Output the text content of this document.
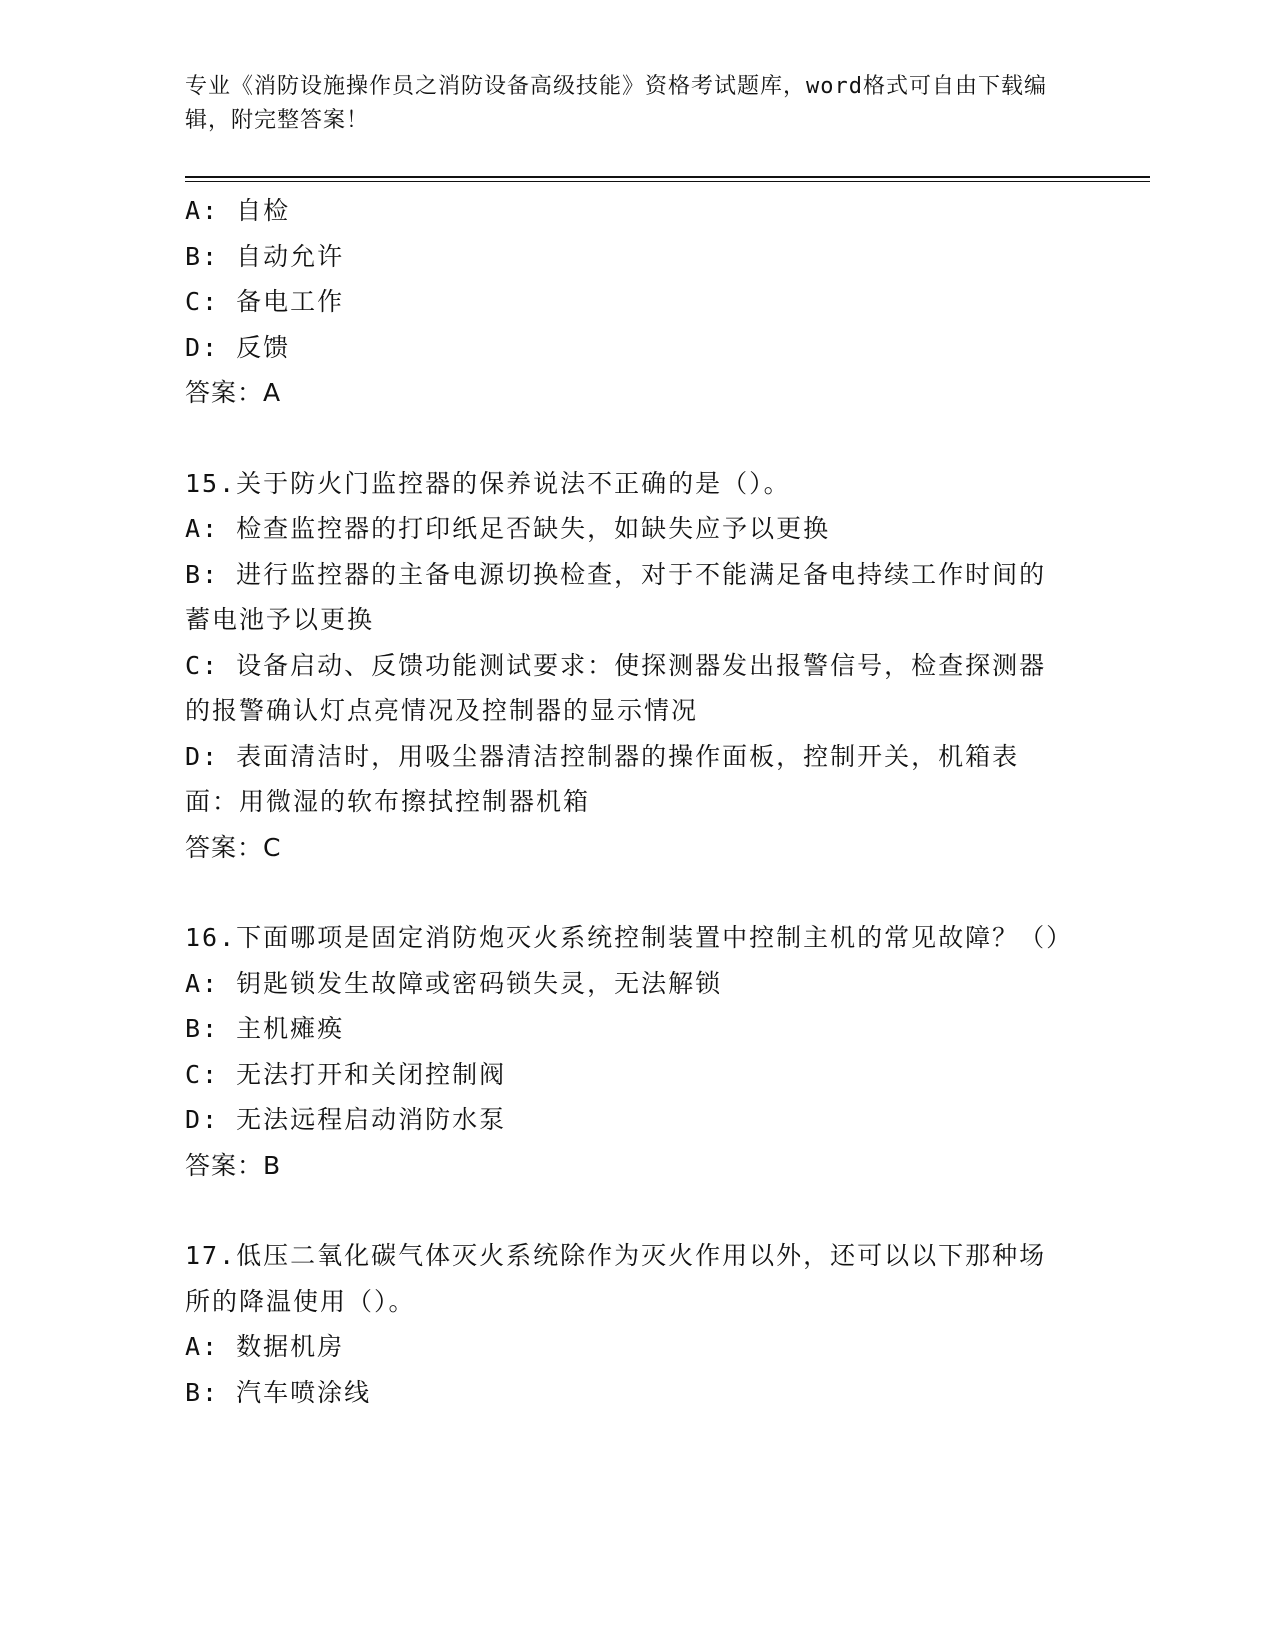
专业《消防设施操作员之消防设备高级技能》资格考试题库，word格式可自由下载编辑，附完整答案！

A: 自检

B: 自动允许

C: 备电工作

D: 反馈

答案：A

15.关于防火门监控器的保养说法不正确的是（）。

A: 检查监控器的打印纸足否缺失，如缺失应予以更换

B: 进行监控器的主备电源切换检查，对于不能满足备电持续工作时间的蓄电池予以更换

C: 设备启动、反馈功能测试要求：使探测器发出报警信号，检查探测器的报警确认灯点亮情况及控制器的显示情况

D: 表面清洁时，用吸尘器清洁控制器的操作面板，控制开关，机箱表面：用微湿的软布擦拭控制器机箱

答案：C

16.下面哪项是固定消防炮灭火系统控制装置中控制主机的常见故障？（）

A: 钥匙锁发生故障或密码锁失灵，无法解锁

B: 主机瘫痪

C: 无法打开和关闭控制阀

D: 无法远程启动消防水泵

答案：B

17.低压二氧化碳气体灭火系统除作为灭火作用以外，还可以以下那种场所的降温使用（）。

A: 数据机房

B: 汽车喷涂线
